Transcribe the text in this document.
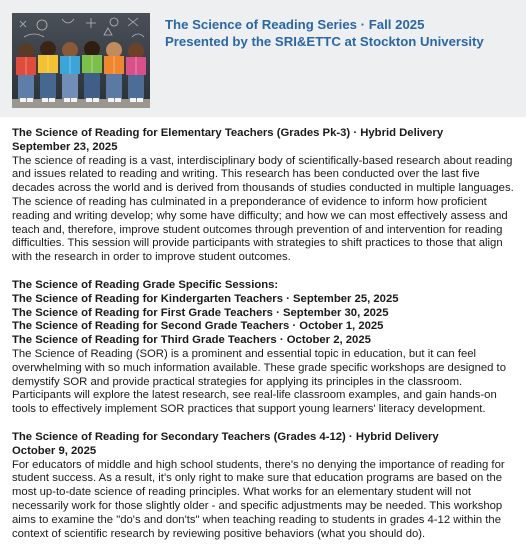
The Science of Reading Series · Fall 2025
Presented by the SRI&ETTC at Stockton University
The Science of Reading for Elementary Teachers (Grades Pk-3) · Hybrid Delivery
September 23, 2025

The science of reading is a vast, interdisciplinary body of scientifically-based research about reading and issues related to reading and writing. This research has been conducted over the last five decades across the world and is derived from thousands of studies conducted in multiple languages. The science of reading has culminated in a preponderance of evidence to inform how proficient reading and writing develop; why some have difficulty; and how we can most effectively assess and teach and, therefore, improve student outcomes through prevention of and intervention for reading difficulties. This session will provide participants with strategies to shift practices to those that align with the research in order to improve student outcomes.

The Science of Reading Grade Specific Sessions:
The Science of Reading for Kindergarten Teachers · September 25, 2025
The Science of Reading for First Grade Teachers · September 30, 2025
The Science of Reading for Second Grade Teachers · October 1, 2025
The Science of Reading for Third Grade Teachers · October 2, 2025

The Science of Reading (SOR) is a prominent and essential topic in education, but it can feel overwhelming with so much information available. These grade specific workshops are designed to demystify SOR and provide practical strategies for applying its principles in the classroom. Participants will explore the latest research, see real-life classroom examples, and gain hands-on tools to effectively implement SOR practices that support young learners' literacy development.

The Science of Reading for Secondary Teachers (Grades 4-12) · Hybrid Delivery
October 9, 2025

For educators of middle and high school students, there's no denying the importance of reading for student success. As a result, it's only right to make sure that education programs are based on the most up-to-date science of reading principles. What works for an elementary student will not necessarily work for those slightly older - and specific adjustments may be needed. This workshop aims to examine the "do's and don'ts" when teaching reading to students in grades 4-12 within the context of scientific research by reviewing positive behaviors (what you should do).
